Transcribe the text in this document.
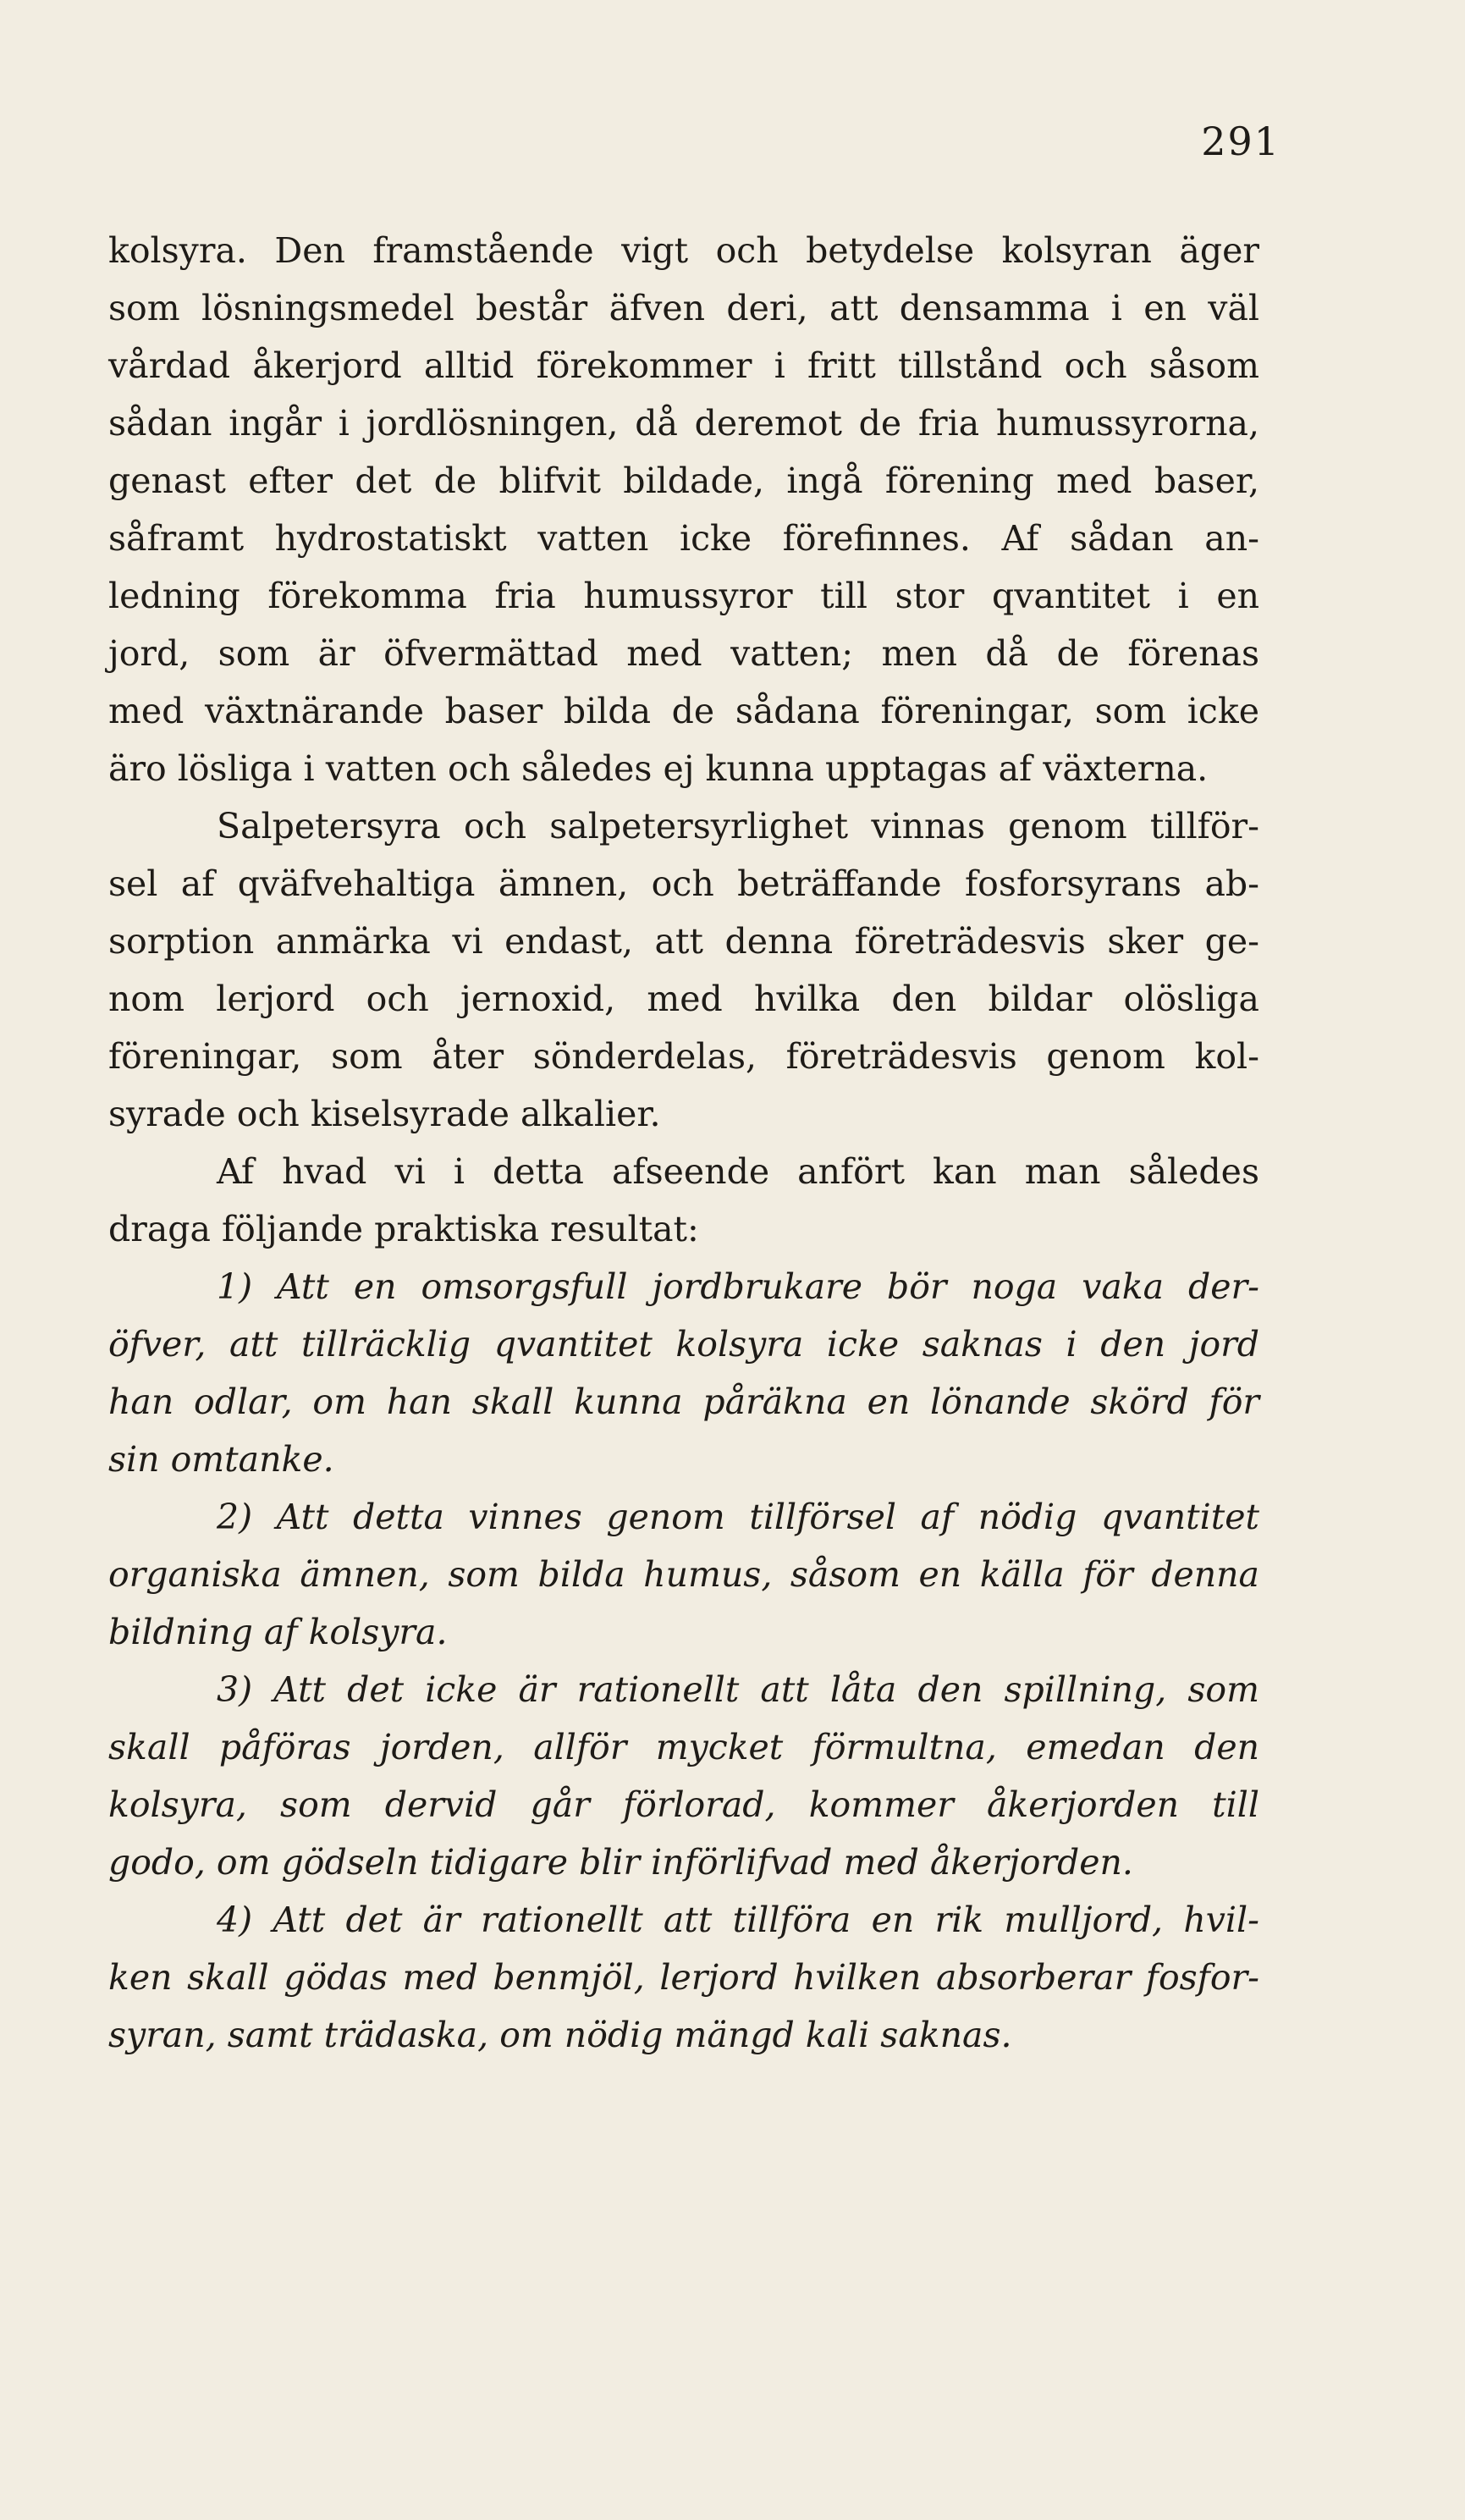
291
kolsyra. Den framstående vigt och betydelse kolsyran äger
som lösningsmedel består äfven deri, att densamma i en väl
vårdad åkerjord alltid förekommer i fritt tillstånd och såsom
sådan ingår i jordlösningen, då deremot de fria humussyrorna,
genast efter det de blifvit bildade, ingå förening med baser,
såframt hydrostatiskt vatten icke förefinnes. Af sådan an-
ledning förekomma fria humussyror till stor qvantitet i en
jord, som är öfvermättad med vatten; men då de förenas
med växtnärande baser bilda de sådana föreningar, som icke
äro lösliga i vatten och således ej kunna upptagas af växterna.
Salpetersyra och salpetersyrlighet vinnas genom tillför-
sel af qväfvehaltiga ämnen, och beträffande fosforsyrans ab-
sorption anmärka vi endast, att denna företrädesvis sker ge-
nom lerjord och jernoxid, med hvilka den bildar olösliga
föreningar, som åter sönderdelas, företrädesvis genom kol-
syrade och kiselsyrade alkalier.
Af hvad vi i detta afseende anfört kan man således
draga följande praktiska resultat:
1) Att en omsorgsfull jordbrukare bör noga vaka der-
öfver, att tillräcklig qvantitet kolsyra icke saknas i den jord
han odlar, om han skall kunna påräkna en lönande skörd för
sin omtanke.
2) Att detta vinnes genom tillförsel af nödig qvantitet
organiska ämnen, som bilda humus, såsom en källa för denna
bildning af kolsyra.
3) Att det icke är rationellt att låta den spillning, som
skall påföras jorden, allför mycket förmultna, emedan den
kolsyra, som dervid går förlorad, kommer åkerjorden till
godo, om gödseln tidigare blir införlifvad med åkerjorden.
4) Att det är rationellt att tillföra en rik mulljord, hvil-
ken skall gödas med benmjöl, lerjord hvilken absorberar fosfor-
syran, samt trädaska, om nödig mängd kali saknas.
